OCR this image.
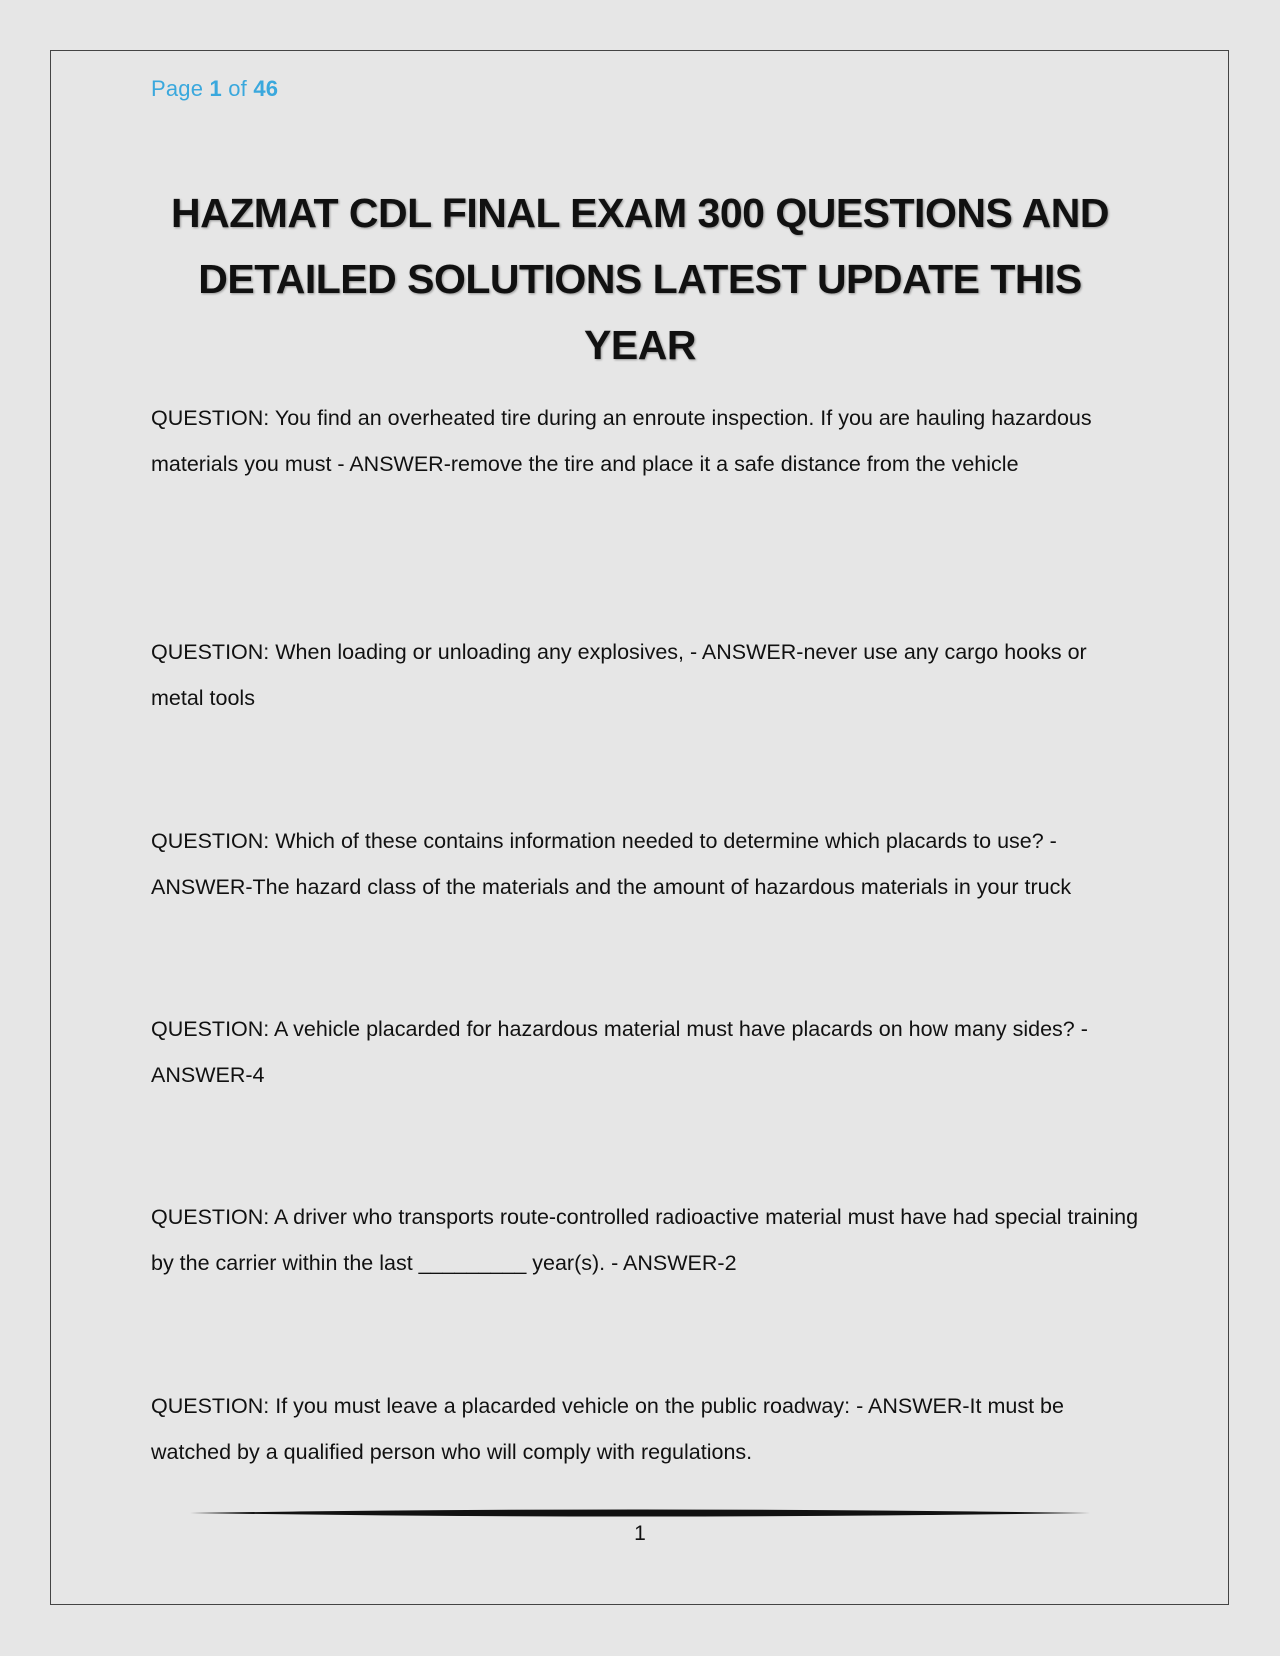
Page 1 of 46
HAZMAT CDL FINAL EXAM 300 QUESTIONS AND DETAILED SOLUTIONS LATEST UPDATE THIS YEAR
QUESTION: You find an overheated tire during an enroute inspection. If you are hauling hazardous materials you must - ANSWER-remove the tire and place it a safe distance from the vehicle
QUESTION: When loading or unloading any explosives, - ANSWER-never use any cargo hooks or metal tools
QUESTION: Which of these contains information needed to determine which placards to use? - ANSWER-The hazard class of the materials and the amount of hazardous materials in your truck
QUESTION: A vehicle placarded for hazardous material must have placards on how many sides? - ANSWER-4
QUESTION: A driver who transports route-controlled radioactive material must have had special training by the carrier within the last _________ year(s). - ANSWER-2
QUESTION: If you must leave a placarded vehicle on the public roadway: - ANSWER-It must be watched by a qualified person who will comply with regulations.
1
